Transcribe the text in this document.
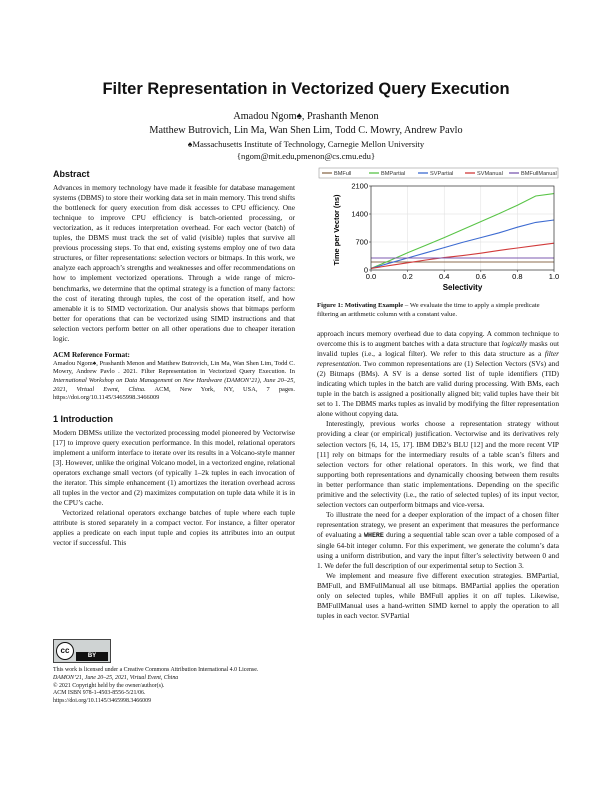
Filter Representation in Vectorized Query Execution
Amadou Ngom♠, Prashanth Menon
Matthew Butrovich, Lin Ma, Wan Shen Lim, Todd C. Mowry, Andrew Pavlo
♠Massachusetts Institute of Technology, Carnegie Mellon University
{ngom@mit.edu,pmenon@cs.cmu.edu}
Abstract

Advances in memory technology have made it feasible for database management systems (DBMS) to store their working data set in main memory. This trend shifts the bottleneck for query execution from disk accesses to CPU efficiency. One technique to improve CPU efficiency is batch-oriented processing, or vectorization, as it reduces interpretation overhead. For each vector (batch) of tuples, the DBMS must track the set of valid (visible) tuples that survive all previous processing steps. To that end, existing systems employ one of two data structures, or filter representations: selection vectors or bitmaps. In this work, we analyze each approach’s strengths and weaknesses and offer recommendations on how to implement vectorized operations. Through a wide range of micro-benchmarks, we determine that the optimal strategy is a function of many factors: the cost of iterating through tuples, the cost of the operation itself, and how amenable it is to SIMD vectorization. Our analysis shows that bitmaps perform better for operations that can be vectorized using SIMD instructions and that selection vectors perform better on all other operations due to cheaper iteration logic.

ACM Reference Format:

Amadou Ngom♠, Prashanth Menon and Matthew Butrovich, Lin Ma, Wan Shen Lim, Todd C. Mowry, Andrew Pavlo . 2021. Filter Representation in Vectorized Query Execution. In International Workshop on Data Management on New Hardware (DAMON’21), June 20–25, 2021, Virtual Event, China. ACM, New York, NY, USA, 7 pages. https://doi.org/10.1145/3465998.3466009

1 Introduction

Modern DBMSs utilize the vectorized processing model pioneered by Vectorwise [17] to improve query execution performance. In this model, relational operators implement a uniform interface to iterate over its results in a Volcano-style manner [3]. However, unlike the original Volcano model, in a vectorized engine, relational operators exchange small vectors (of typically 1–2k tuples in each invocation of the iterator. This simple enhancement (1) amortizes the iteration overhead across all tuples in the vector and (2) maximizes computation on tuple data while it is in the CPU’s cache.

Vectorized relational operators exchange batches of tuple where each tuple attribute is stored separately in a compact vector. For instance, a filter operator applies a predicate on each input tuple and copies its attributes into an output vector if successful. This

cc
BY
This work is licensed under a Creative Commons Attribution International 4.0 License.
DAMON’21, June 20–25, 2021, Virtual Event, China
© 2021 Copyright held by the owner/author(s).
ACM ISBN 978-1-4503-8556-5/21/06.
https://doi.org/10.1145/3465998.3466009
BMFull	BMPartial	SVPartial	SVManual	BMFullManual
0
700
1400
2100
0.0	0.2	0.4	0.6	0.8	1.0
Selectivity
Time per Vector (ns)
Figure 1: Motivating Example – We evaluate the time to apply a simple predicate filtering an arithmetic column with a constant value.

approach incurs memory overhead due to data copying. A common technique to overcome this is to augment batches with a data structure that logically masks out invalid tuples (i.e., a logical filter). We refer to this data structure as a filter representation. Two common representations are (1) Selection Vectors (SVs) and (2) Bitmaps (BMs). A SV is a dense sorted list of tuple identifiers (TID) indicating which tuples in the batch are valid during processing. With BMs, each tuple in the batch is assigned a positionally aligned bit; valid tuples have their bit set to 1. The DBMS marks tuples as invalid by modifying the filter representation alone without copying data.

Interestingly, previous works choose a representation strategy without providing a clear (or empirical) justification. Vectorwise and its derivatives rely selection vectors [6, 14, 15, 17]. IBM DB2’s BLU [12] and the more recent VIP [11] rely on bitmaps for the intermediary results of a table scan’s filters and selection vectors for other relational operators. In this work, we find that supporting both representations and dynamically choosing between them results in better performance than static implementations. Depending on the specific primitive and the selectivity (i.e., the ratio of selected tuples) of its input vector, selection vectors can outperform bitmaps and vice-versa.

To illustrate the need for a deeper exploration of the impact of a chosen filter representation strategy, we present an experiment that measures the performance of evaluating a WHERE during a sequential table scan over a table composed of a single 64-bit integer column. For this experiment, we generate the column’s data using a uniform distribution, and vary the input filter’s selectivity between 0 and 1. We defer the full description of our experimental setup to Section 3.

We implement and measure five different execution strategies. BMPartial, BMFull, and BMFullManual all use bitmaps. BMPartial applies the operation only on selected tuples, while BMFull applies it on all tuples. Likewise, BMFullManual uses a hand-written SIMD kernel to apply the operation to all tuples in each vector. SVPartial
